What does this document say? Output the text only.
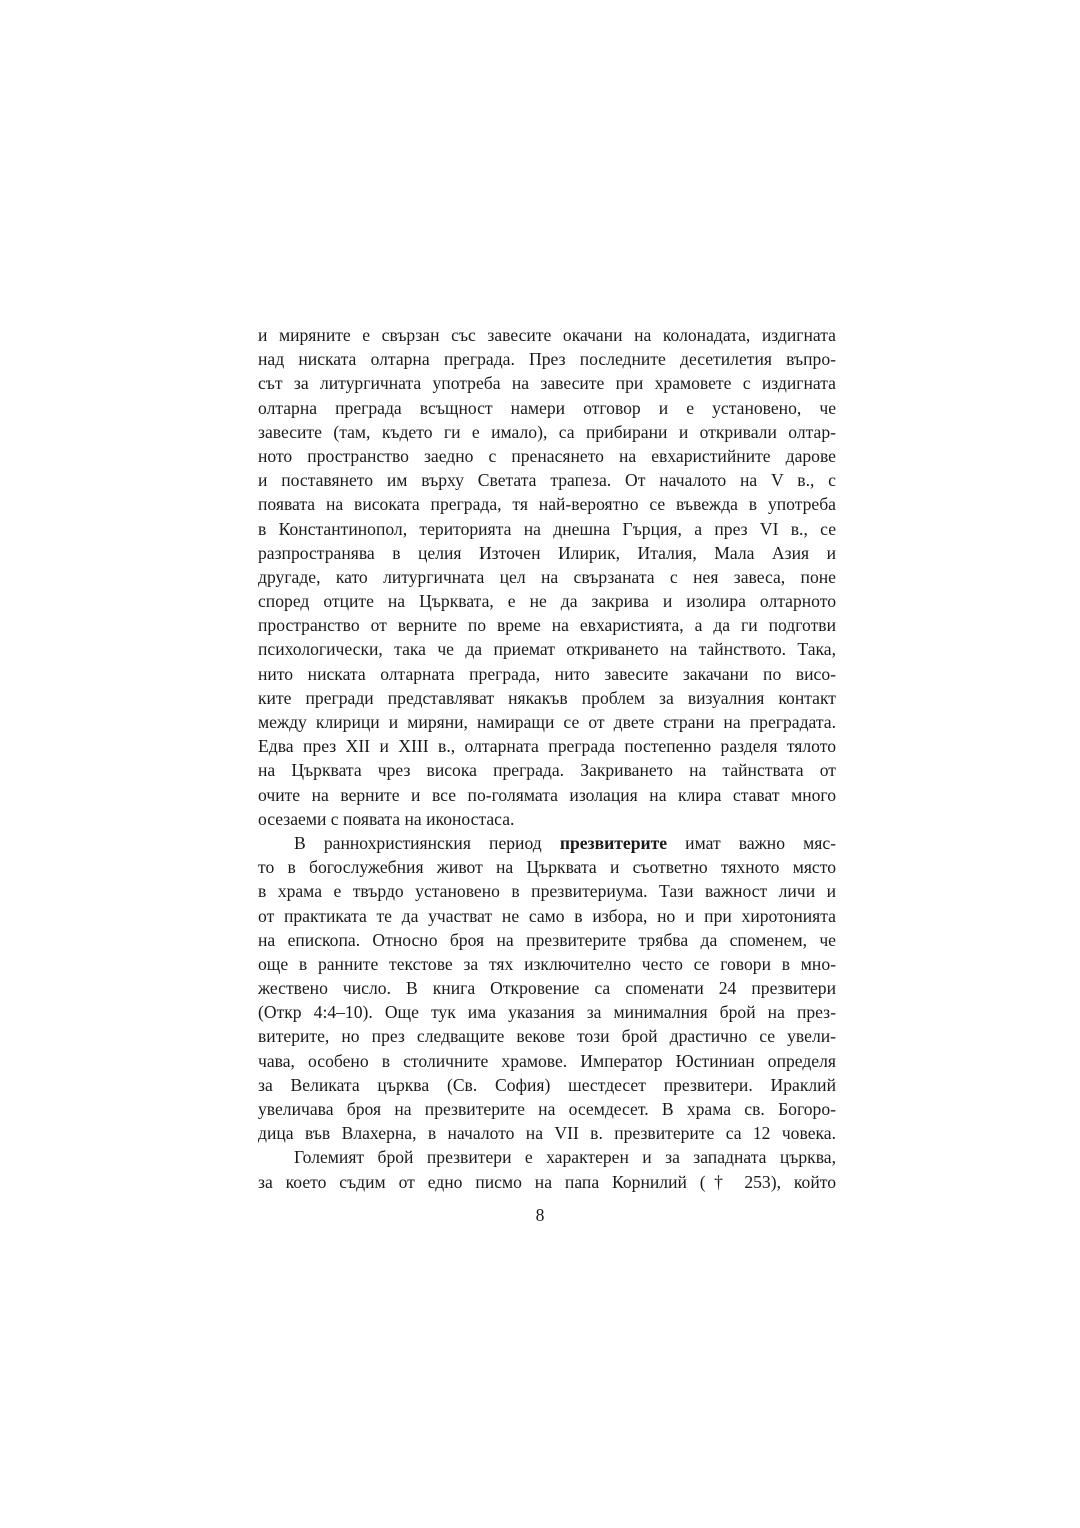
и миряните е свързан със завесите окачани на колонадата, издигната
над ниската олтарна преграда. През последните десетилетия въпро-
сът за литургичната употреба на завесите при храмовете с издигната
олтарна преграда всъщност намери отговор и е установено, че
завесите (там, където ги е имало), са прибирани и откривали олтар-
ното пространство заедно с пренасянето на евхаристийните дарове
и поставянето им върху Светата трапеза. От началото на V в., с
появата на високата преграда, тя най-вероятно се въвежда в употреба
в Константинопол, територията на днешна Гърция, а през VI в., се
разпространява в целия Източен Илирик, Италия, Мала Азия и
другаде, като литургичната цел на свързаната с нея завеса, поне
според отците на Църквата, е не да закрива и изолира олтарното
пространство от верните по време на евхаристията, а да ги подготви
психологически, така че да приемат откриването на тайнството. Така,
нито ниската олтарната преграда, нито завесите закачани по висо-
ките прегради представляват някакъв проблем за визуалния контакт
между клирици и миряни, намиращи се от двете страни на преградата.
Едва през XII и XIII в., олтарната преграда постепенно разделя тялото
на Църквата чрез висока преграда. Закриването на тайнствата от
очите на верните и все по-голямата изолация на клира стават много
осезаеми с появата на иконостаса.
В раннохристиянския период презвитерите имат важно мяс-
то в богослужебния живот на Църквата и съответно тяхното място
в храма е твърдо установено в презвитериума. Тази важност личи и
от практиката те да участват не само в избора, но и при хиротонията
на епископа. Относно броя на презвитерите трябва да споменем, че
още в ранните текстове за тях изключително често се говори в мно-
жествено число. В книга Откровение са споменати 24 презвитери
(Откр 4:4–10). Още тук има указания за минималния брой на през-
витерите, но през следващите векове този брой драстично се увели-
чава, особено в столичните храмове. Император Юстиниан определя
за Великата църква (Св. София) шестдесет презвитери. Ираклий
увеличава броя на презвитерите на осемдесет. В храма св. Богоро-
дица във Влахерна, в началото на VII в. презвитерите са 12 човека.
Големият брой презвитери е характерен и за западната църква,
за което съдим от едно писмо на папа Корнилий († 253), който
8
